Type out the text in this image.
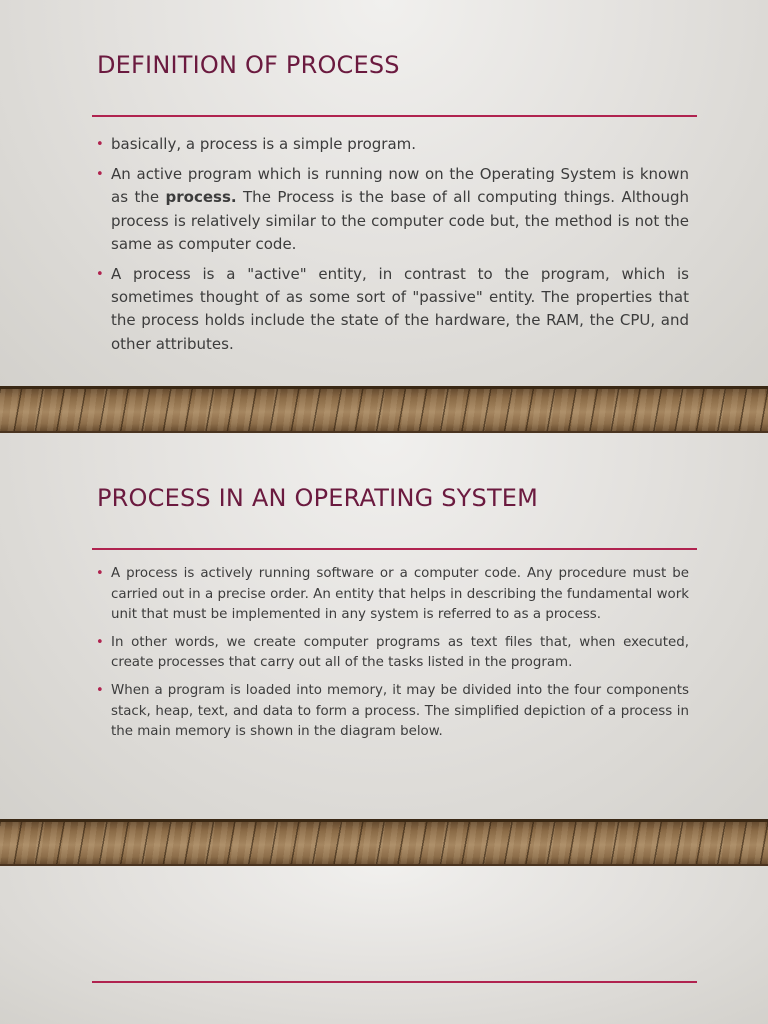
DEFINITION OF PROCESS
• basically, a process is a simple program.
• An active program which is running now on the Operating System is known as the process. The Process is the base of all computing things. Although process is relatively similar to the computer code but, the method is not the same as computer code.
• A process is a "active" entity, in contrast to the program, which is sometimes thought of as some sort of "passive" entity. The properties that the process holds include the state of the hardware, the RAM, the CPU, and other attributes.
PROCESS IN AN OPERATING SYSTEM
• A process is actively running software or a computer code. Any procedure must be carried out in a precise order. An entity that helps in describing the fundamental work unit that must be implemented in any system is referred to as a process.
• In other words, we create computer programs as text files that, when executed, create processes that carry out all of the tasks listed in the program.
• When a program is loaded into memory, it may be divided into the four components stack, heap, text, and data to form a process. The simplified depiction of a process in the main memory is shown in the diagram below.
